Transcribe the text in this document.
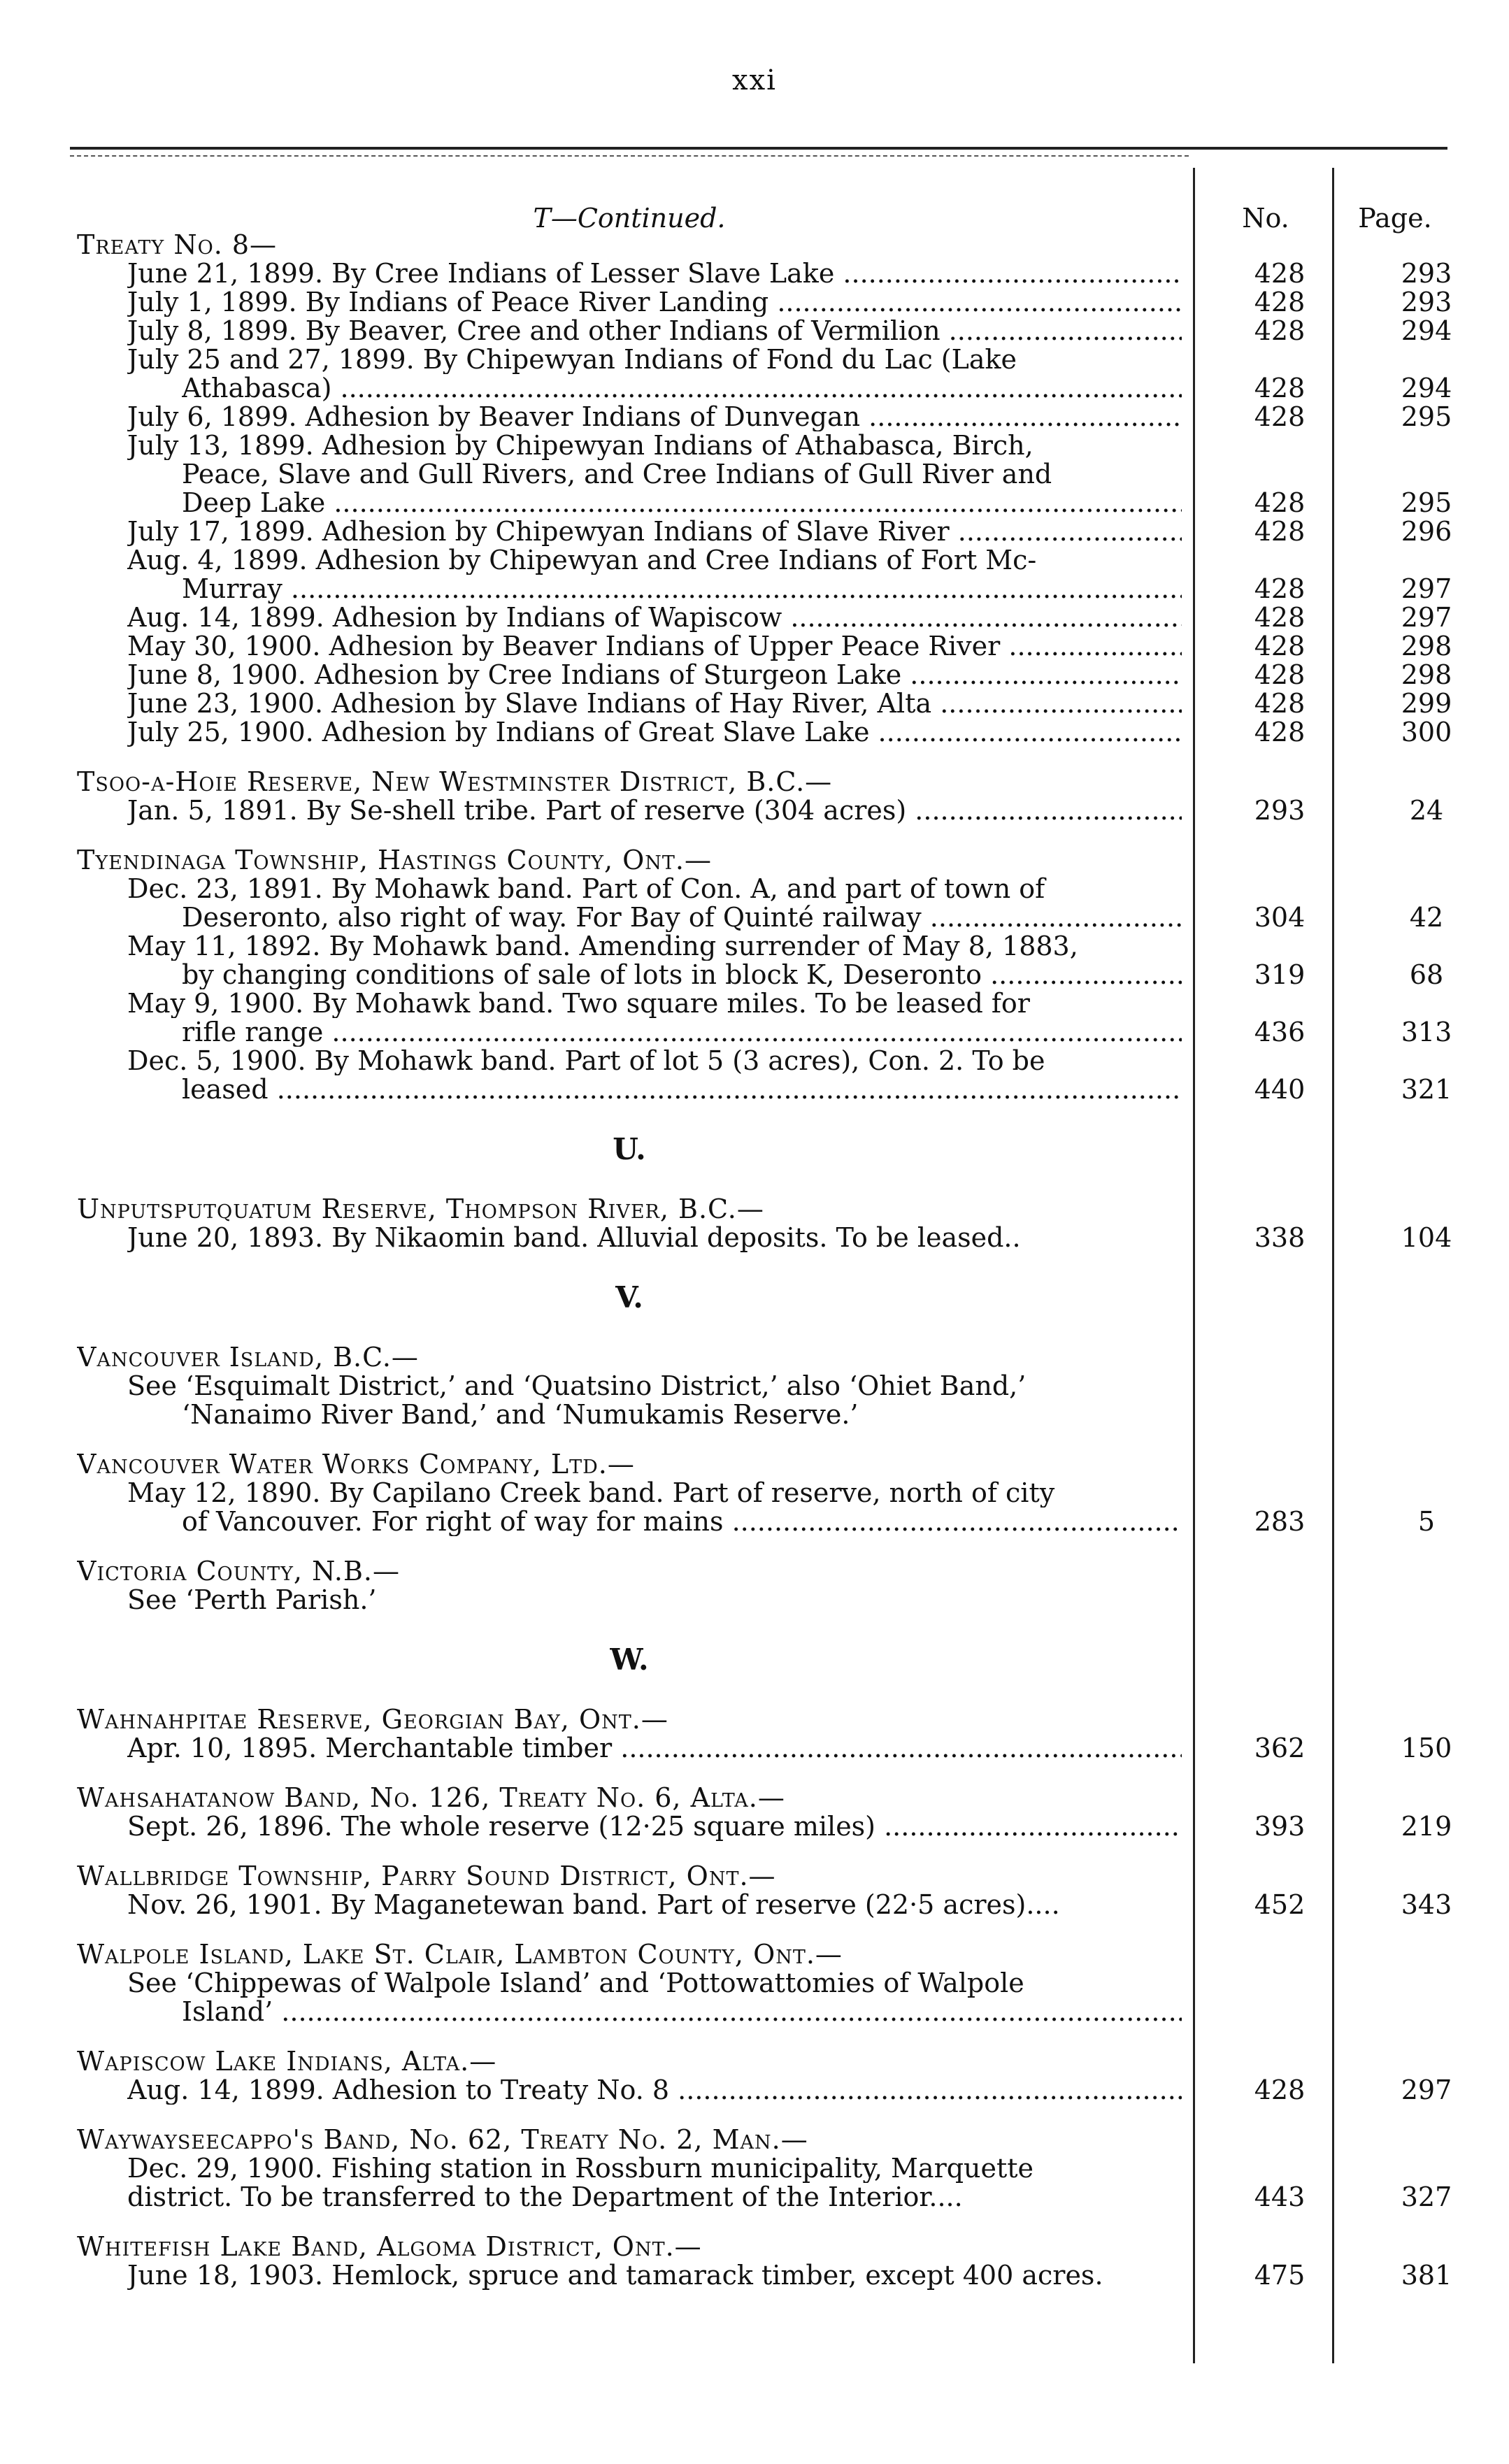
xxi
T—Continued.	No.	Page.
Treaty No. 8—
June 21, 1899. By Cree Indians of Lesser Slave Lake .....	428	293
July 1, 1899. By Indians of Peace River Landing .....	428	293
July 8, 1899. By Beaver, Cree and other Indians of Vermilion .....	428	294
July 25 and 27, 1899. By Chipewyan Indians of Fond du Lac (Lake
Athabasca) .....	428	294
July 6, 1899. Adhesion by Beaver Indians of Dunvegan .....	428	295
July 13, 1899. Adhesion by Chipewyan Indians of Athabasca, Birch,
Peace, Slave and Gull Rivers, and Cree Indians of Gull River and
Deep Lake .....	428	295
July 17, 1899. Adhesion by Chipewyan Indians of Slave River .....	428	296
Aug. 4, 1899. Adhesion by Chipewyan and Cree Indians of Fort Mc-
Murray .....	428	297
Aug. 14, 1899. Adhesion by Indians of Wapiscow .....	428	297
May 30, 1900. Adhesion by Beaver Indians of Upper Peace River .....	428	298
June 8, 1900. Adhesion by Cree Indians of Sturgeon Lake .....	428	298
June 23, 1900. Adhesion by Slave Indians of Hay River, Alta .....	428	299
July 25, 1900. Adhesion by Indians of Great Slave Lake .....	428	300
Tsoo-a-Hoie Reserve, New Westminster District, B.C.—
Jan. 5, 1891. By Se-shell tribe. Part of reserve (304 acres) .....	293	24
Tyendinaga Township, Hastings County, Ont.—
Dec. 23, 1891. By Mohawk band. Part of Con. A, and part of town of
Deseronto, also right of way. For Bay of Quinté railway .....	304	42
May 11, 1892. By Mohawk band. Amending surrender of May 8, 1883,
by changing conditions of sale of lots in block K, Deseronto .....	319	68
May 9, 1900. By Mohawk band. Two square miles. To be leased for
rifle range .....	436	313
Dec. 5, 1900. By Mohawk band. Part of lot 5 (3 acres), Con. 2. To be
leased .....	440	321
U.
Unputsputquatum Reserve, Thompson River, B.C.—
June 20, 1893. By Nikaomin band. Alluvial deposits. To be leased..	338	104
V.
Vancouver Island, B.C.—
See ‘Esquimalt District,’ and ‘Quatsino District,’ also ‘Ohiet Band,’
‘Nanaimo River Band,’ and ‘Numukamis Reserve.’
Vancouver Water Works Company, Ltd.—
May 12, 1890. By Capilano Creek band. Part of reserve, north of city
of Vancouver. For right of way for mains .....	283	5
Victoria County, N.B.—
See ‘Perth Parish.’
W.
Wahnahpitae Reserve, Georgian Bay, Ont.—
Apr. 10, 1895. Merchantable timber .....	362	150
Wahsahatanow Band, No. 126, Treaty No. 6, Alta.—
Sept. 26, 1896. The whole reserve (12·25 square miles) .....	393	219
Wallbridge Township, Parry Sound District, Ont.—
Nov. 26, 1901. By Maganetewan band. Part of reserve (22·5 acres)....	452	343
Walpole Island, Lake St. Clair, Lambton County, Ont.—
See ‘Chippewas of Walpole Island’ and ‘Pottowattomies of Walpole
Island’ .....
Wapiscow Lake Indians, Alta.—
Aug. 14, 1899. Adhesion to Treaty No. 8 .....	428	297
Waywayseecappo's Band, No. 62, Treaty No. 2, Man.—
Dec. 29, 1900. Fishing station in Rossburn municipality, Marquette
district. To be transferred to the Department of the Interior....	443	327
Whitefish Lake Band, Algoma District, Ont.—
June 18, 1903. Hemlock, spruce and tamarack timber, except 400 acres.	475	381
